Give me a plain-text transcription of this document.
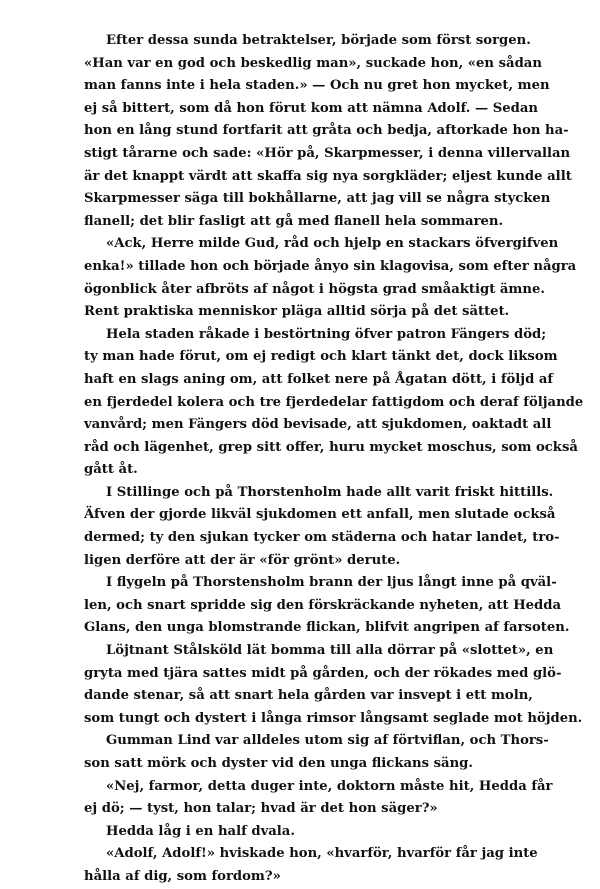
Efter dessa sunda betraktelser, började som först sorgen.
«Han var en god och beskedlig man», suckade hon, «en sådan
man fanns inte i hela staden.» — Och nu gret hon mycket, men
ej så bittert, som då hon förut kom att nämna Adolf. — Sedan
hon en lång stund fortfarit att gråta och bedja, aftorkade hon ha-
stigt tårarne och sade: «Hör på, Skarpmesser, i denna villervallan
är det knappt värdt att skaffa sig nya sorgkläder; eljest kunde allt
Skarpmesser säga till bokhållarne, att jag vill se några stycken
flanell; det blir fasligt att gå med flanell hela sommaren.
«Ack, Herre milde Gud, råd och hjelp en stackars öfvergifven
enka!» tillade hon och började ånyo sin klagovisa, som efter några
ögonblick åter afbröts af något i högsta grad småaktigt ämne.
Rent praktiska menniskor pläga alltid sörja på det sättet.
Hela staden råkade i bestörtning öfver patron Fängers död;
ty man hade förut, om ej redigt och klart tänkt det, dock liksom
haft en slags aning om, att folket nere på Ågatan dött, i följd af
en fjerdedel kolera och tre fjerdedelar fattigdom och deraf följande
vanvård; men Fängers död bevisade, att sjukdomen, oaktadt all
råd och lägenhet, grep sitt offer, huru mycket moschus, som också
gått åt.
I Stillinge och på Thorstenholm hade allt varit friskt hittills.
Äfven der gjorde likväl sjukdomen ett anfall, men slutade också
dermed; ty den sjukan tycker om städerna och hatar landet, tro-
ligen derföre att der är «för grönt» derute.
I flygeln på Thorstensholm brann der ljus långt inne på qväl-
len, och snart spridde sig den förskräckande nyheten, att Hedda
Glans, den unga blomstrande flickan, blifvit angripen af farsoten.
Löjtnant Stålsköld lät bomma till alla dörrar på «slottet», en
gryta med tjära sattes midt på gården, och der rökades med glö-
dande stenar, så att snart hela gården var insvept i ett moln,
som tungt och dystert i långa rimsor långsamt seglade mot höjden.
Gumman Lind var alldeles utom sig af förtviflan, och Thors-
son satt mörk och dyster vid den unga flickans säng.
«Nej, farmor, detta duger inte, doktorn måste hit, Hedda får
ej dö; — tyst, hon talar; hvad är det hon säger?»
Hedda låg i en half dvala.
«Adolf, Adolf!» hviskade hon, «hvarför, hvarför får jag inte
hålla af dig, som fordom?»
